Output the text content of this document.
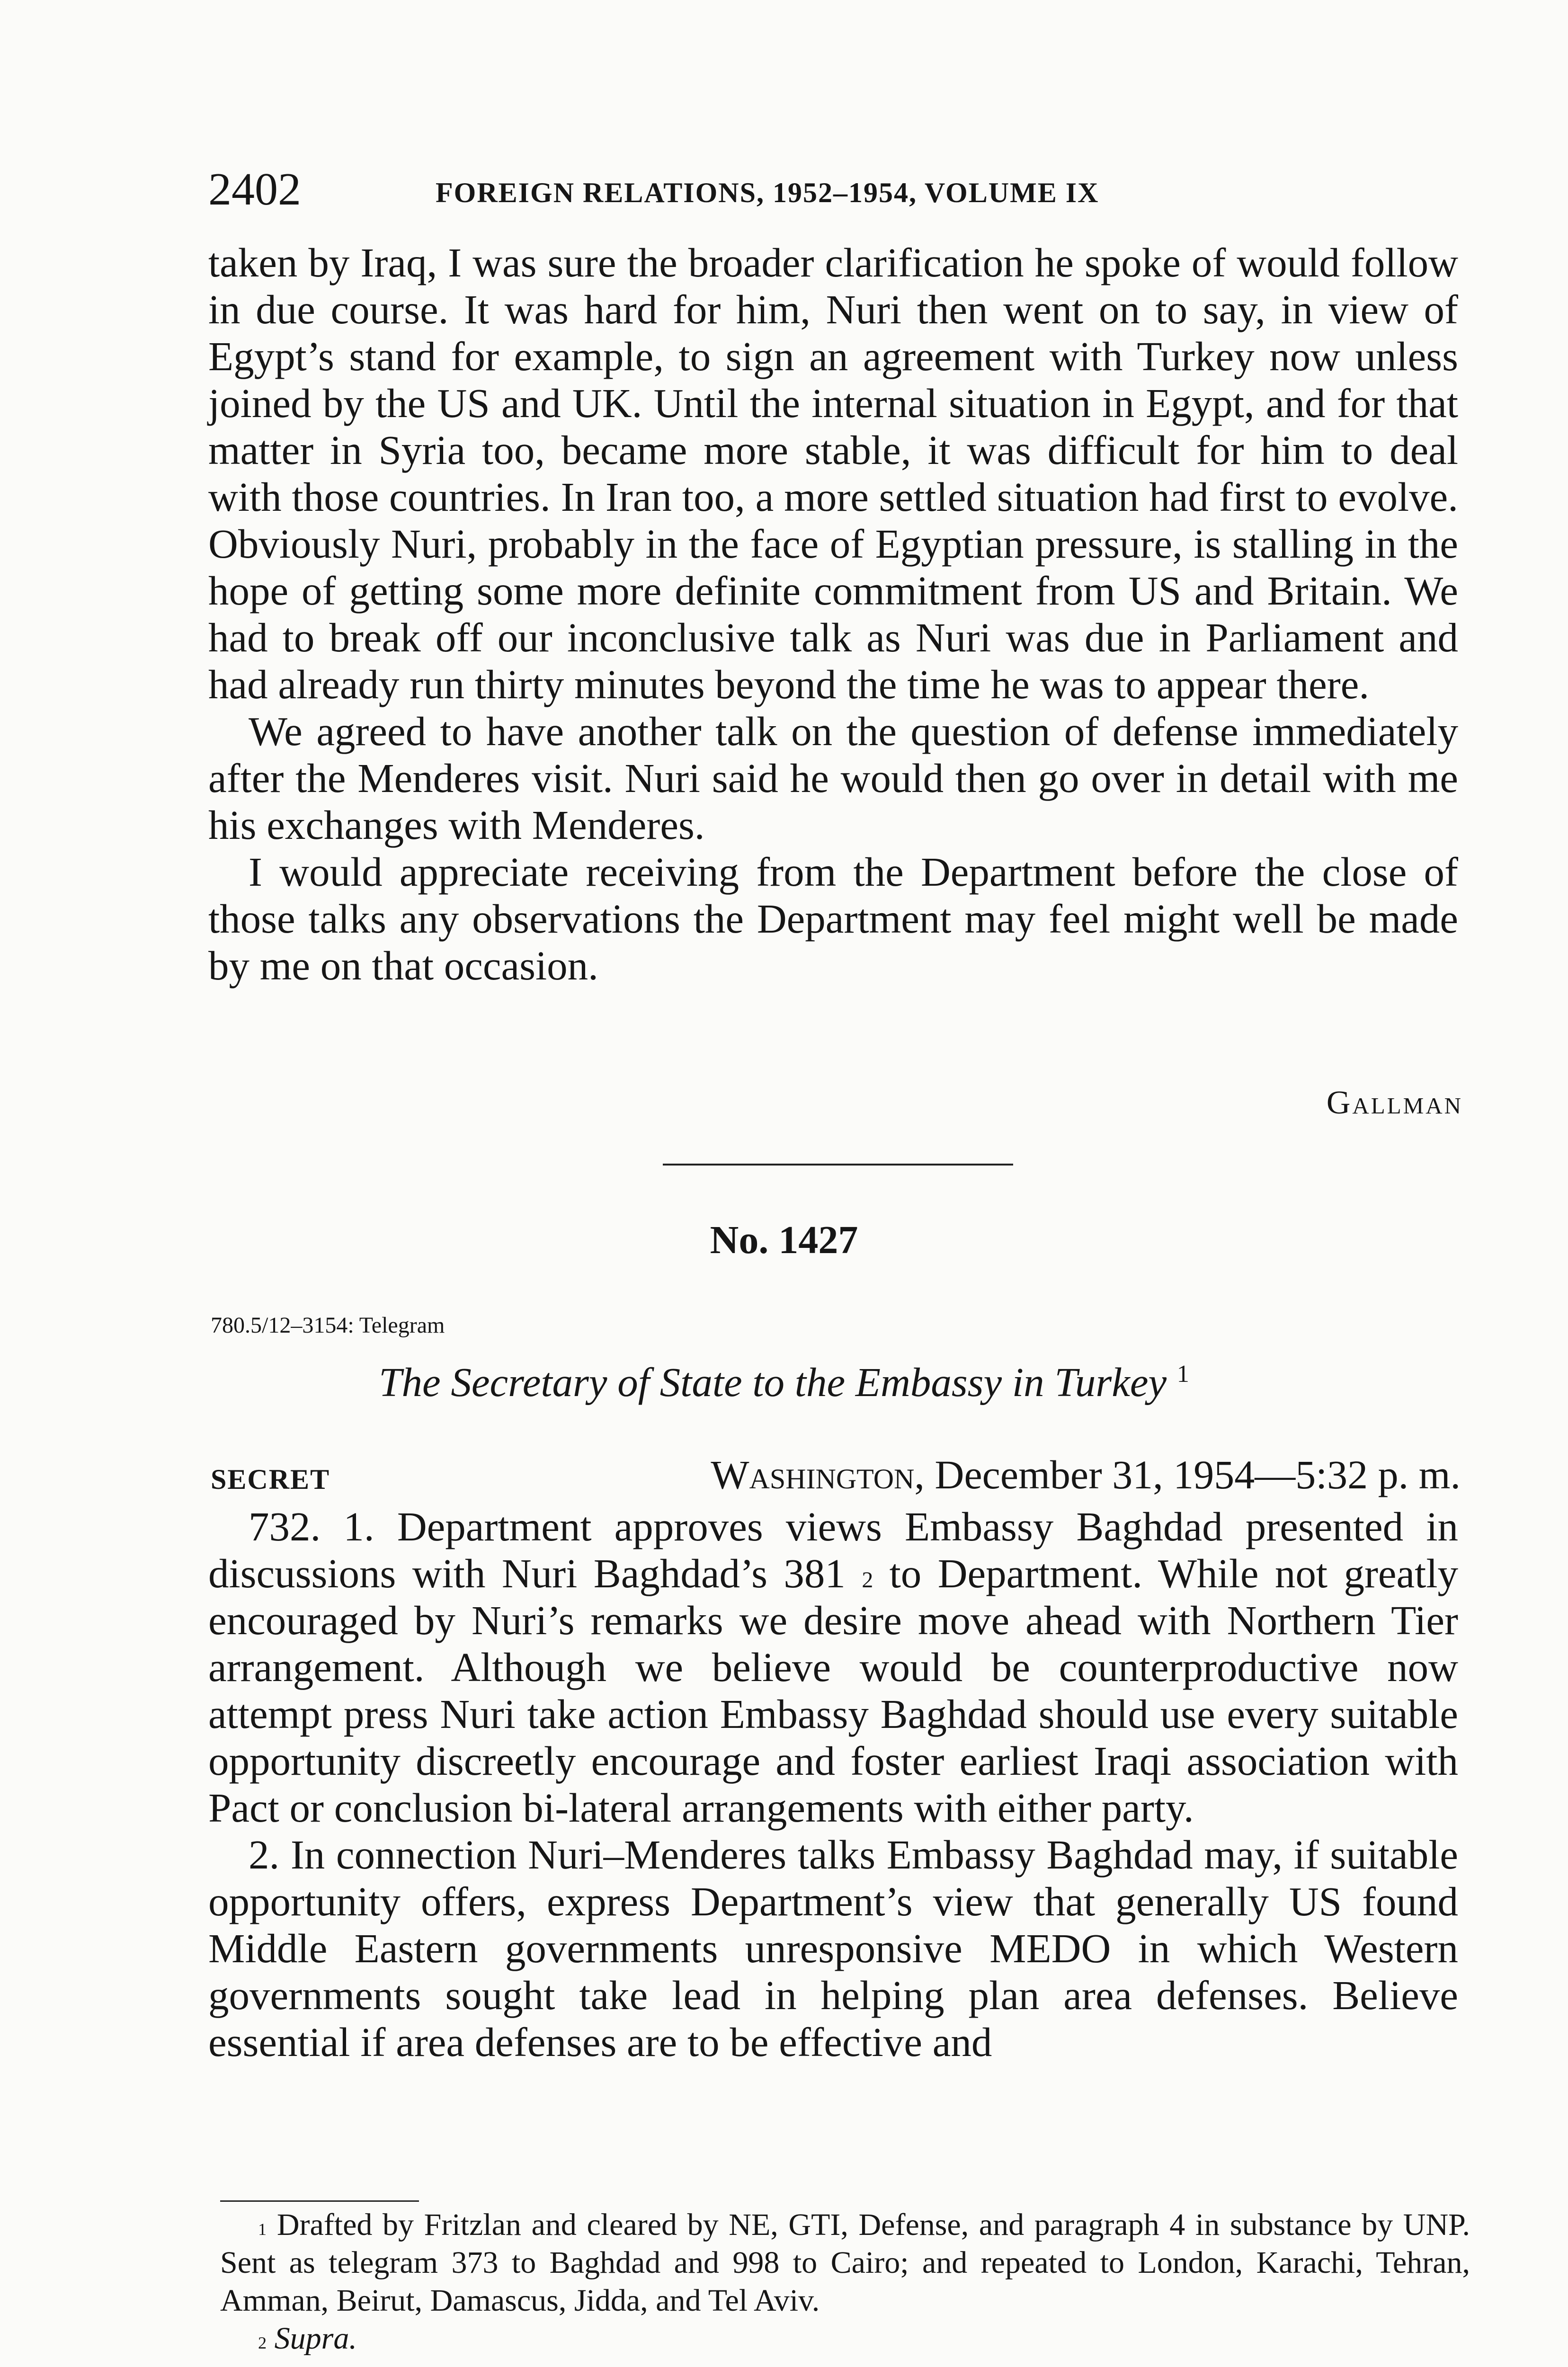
2402	FOREIGN RELATIONS, 1952–1954, VOLUME IX

taken by Iraq, I was sure the broader clarification he spoke of would follow in due course. It was hard for him, Nuri then went on to say, in view of Egypt’s stand for example, to sign an agreement with Turkey now unless joined by the US and UK. Until the internal situation in Egypt, and for that matter in Syria too, became more stable, it was difficult for him to deal with those countries. In Iran too, a more settled situation had first to evolve. Obviously Nuri, probably in the face of Egyptian pressure, is stalling in the hope of getting some more definite commitment from US and Britain. We had to break off our inconclusive talk as Nuri was due in Parliament and had already run thirty minutes beyond the time he was to appear there.

We agreed to have another talk on the question of defense immediately after the Menderes visit. Nuri said he would then go over in detail with me his exchanges with Menderes.

I would appreciate receiving from the Department before the close of those talks any observations the Department may feel might well be made by me on that occasion.

Gallman
No. 1427
780.5/12–3154: Telegram
The Secretary of State to the Embassy in Turkey $^1$
SECRET	Washington, December 31, 1954—5:32 p. m.

732. 1. Department approves views Embassy Baghdad presented in discussions with Nuri Baghdad’s 381 $^2$ to Department. While not greatly encouraged by Nuri’s remarks we desire move ahead with Northern Tier arrangement. Although we believe would be counterproductive now attempt press Nuri take action Embassy Baghdad should use every suitable opportunity discreetly encourage and foster earliest Iraqi association with Pact or conclusion bi-lateral arrangements with either party.

2. In connection Nuri–Menderes talks Embassy Baghdad may, if suitable opportunity offers, express Department’s view that generally US found Middle Eastern governments unresponsive MEDO in which Western governments sought take lead in helping plan area defenses. Believe essential if area defenses are to be effective and

$^1$ Drafted by Fritzlan and cleared by NE, GTI, Defense, and paragraph 4 in substance by UNP. Sent as telegram 373 to Baghdad and 998 to Cairo; and repeated to London, Karachi, Tehran, Amman, Beirut, Damascus, Jidda, and Tel Aviv.

$^2$ Supra.
